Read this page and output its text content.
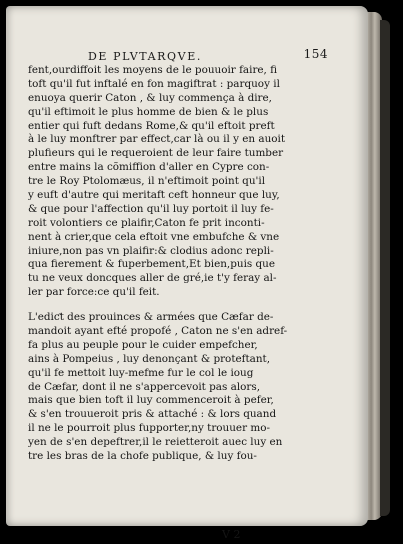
DE PLVTARQVE.	154
fent,ourdiffoit les moyens de le pouuoir faire, fi
toft qu'il fut inftalé en fon magiftrat : parquoy il
enuoya querir Caton , & luy commença à dire,
qu'il eftimoit le plus homme de bien & le plus
entier qui fuft dedans Rome,& qu'il eftoit preft
à le luy monftrer par effect,car là ou il y en auoit
plufieurs qui le requeroient de leur faire tumber
entre mains la cõmiffion d'aller en Cypre con-
tre le Roy Ptolomæus, il n'eftimoit point qu'il
y euft d'autre qui meritaft ceft honneur que luy,
& que pour l'affection qu'il luy portoit il luy fe-
roit volontiers ce plaifir,Caton fe prit inconti-
nent à crier,que cela eftoit vne embufche & vne
iniure,non pas vn plaifir:& clodius adonc repli-
qua fierement & fuperbement,Et bien,puis que
tu ne veux doncques aller de gré,ie t'y feray al-
ler par force:ce qu'il feit.
L'ediƈt des prouinces & armées que Cæfar de-
mandoit ayant efté propofé , Caton ne s'en adref-
fa plus au peuple pour le cuider empefcher,
ains à Pompeius , luy denonçant & proteftant,
qu'il fe mettoit luy-mefme fur le col le ioug
de Cæfar, dont il ne s'appercevoit pas alors,
mais que bien toft il luy commenceroit à pefer,
& s'en trouueroit pris & attaché : & lors quand
il ne le pourroit plus fupporter,ny trouuer mo-
yen de s'en depeftrer,il le reietteroit auec luy en
tre les bras de la chofe publique, & luy fou-
V 2
